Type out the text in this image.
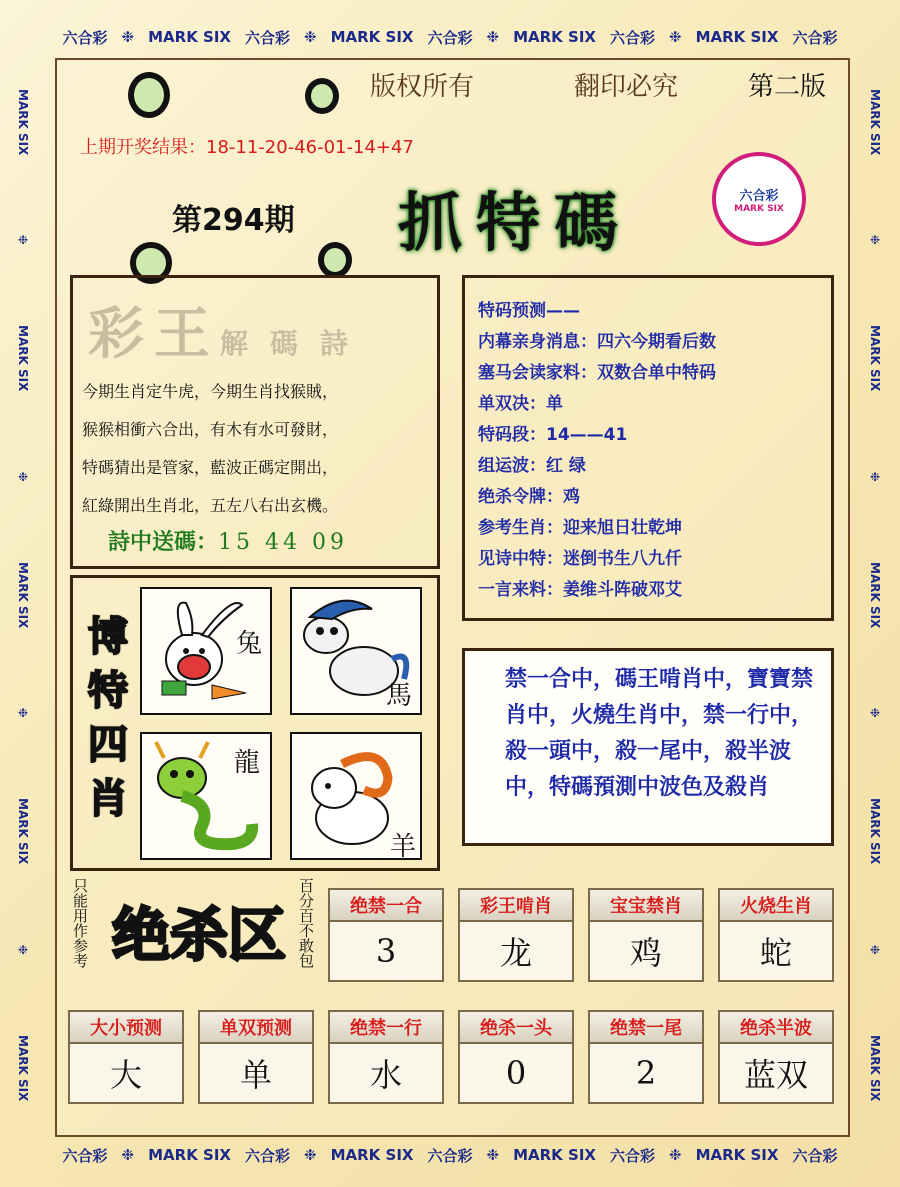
六合彩 ❉ MARK SIX 六合彩 ❉ MARK SIX 六合彩 ❉ MARK SIX 六合彩 ❉ MARK SIX 六合彩
六合彩 ❉ MARK SIX 六合彩 ❉ MARK SIX 六合彩 ❉ MARK SIX 六合彩 ❉ MARK SIX 六合彩
MARK SIX
❉
MARK SIX
❉
MARK SIX
❉
MARK SIX
❉
MARK SIX
MARK SIX
❉
MARK SIX
❉
MARK SIX
❉
MARK SIX
❉
MARK SIX
版权所有	翻印必究	第二版
上期开奖结果：18-11-20-46-01-14+47
第294期 抓特碼	六合彩
MARK SIX
彩王解碼詩
今期生肖定牛虎，今期生肖找猴賊，
猴猴相衝六合出，有木有水可發財，
特碼猜出是管家，藍波正碼定開出，
紅綠開出生肖北，五左八右出玄機。
詩中送碼：15 44 09
特码预测——
内幕亲身消息：四六今期看后数
塞马会读家料：双数合单中特码
单双决：单
特码段：14——41
组运波：红 绿
绝杀令牌：鸡
参考生肖：迎来旭日壮乾坤
见诗中特：迷倒书生八九仟
一言来料：姜维斗阵破邓艾
博特四肖
兔
馬
龍
羊
禁一合中，碼王啃肖中，寶寶禁肖中，火燒生肖中，禁一行中，殺一頭中，殺一尾中，殺半波中，特碼預測中波色及殺肖
只能用作参考 绝杀区 百分百不敢包	绝禁一合
3
彩王啃肖
龙
宝宝禁肖
鸡
火烧生肖
蛇
大小预测
大
单双预测
单
绝禁一行
水
绝杀一头
0
绝禁一尾
2
绝杀半波
蓝双
